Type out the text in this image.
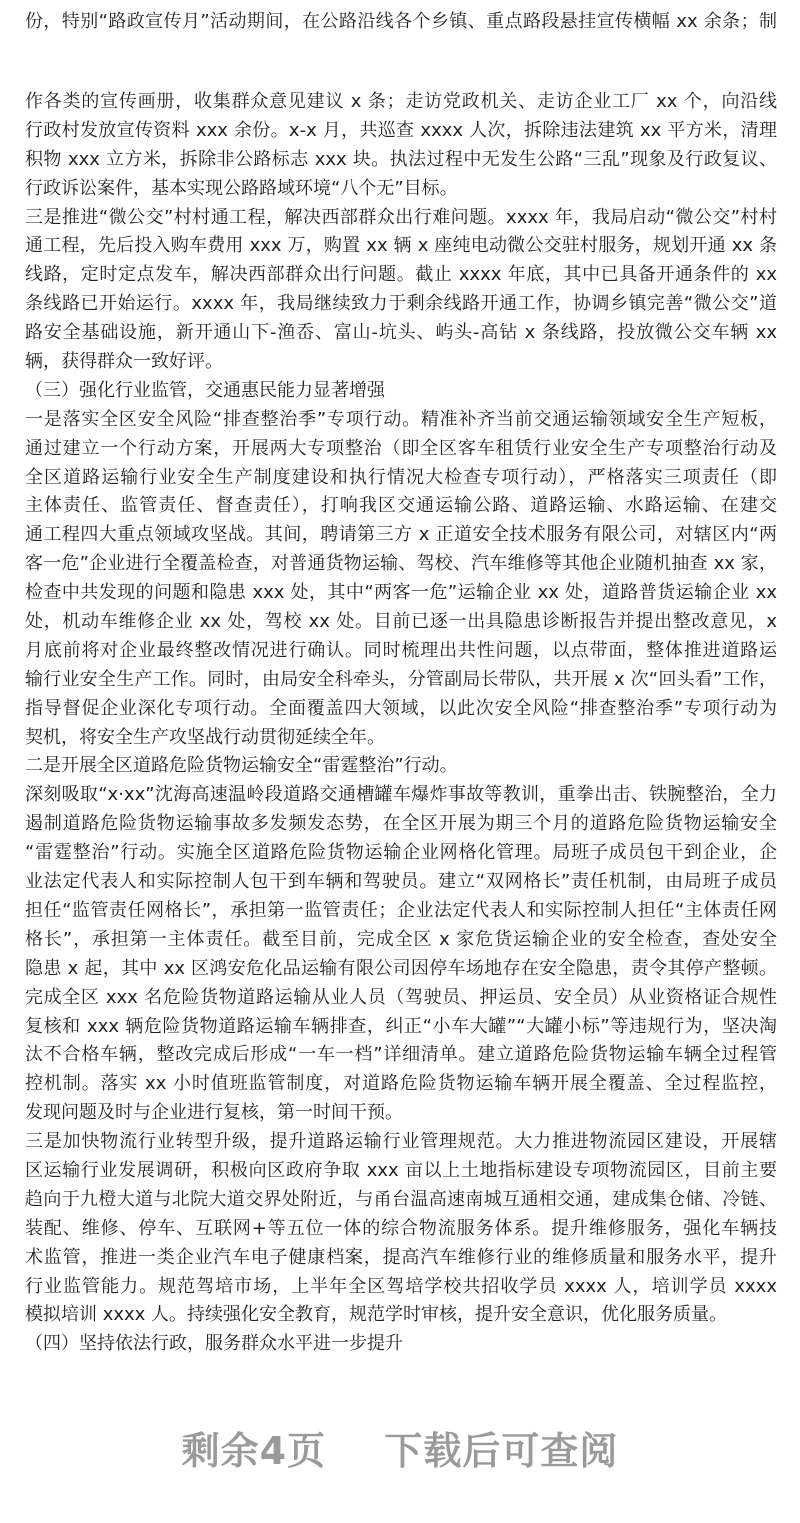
份，特别“路政宣传月”活动期间，在公路沿线各个乡镇、重点路段悬挂宣传横幅 xx 余条；制
作各类的宣传画册，收集群众意见建议 x 条；走访党政机关、走访企业工厂 xx 个，向沿线
行政村发放宣传资料 xxx 余份。x-x 月，共巡查 xxxx 人次，拆除违法建筑 xx 平方米，清理
积物 xxx 立方米，拆除非公路标志 xxx 块。执法过程中无发生公路“三乱”现象及行政复议、
行政诉讼案件，基本实现公路路域环境“八个无”目标。
三是推进“微公交”村村通工程，解决西部群众出行难问题。xxxx 年，我局启动“微公交”村村
通工程，先后投入购车费用 xxx 万，购置 xx 辆 x 座纯电动微公交驻村服务，规划开通 xx 条
线路，定时定点发车，解决西部群众出行问题。截止 xxxx 年底，其中已具备开通条件的 xx
条线路已开始运行。xxxx 年，我局继续致力于剩余线路开通工作，协调乡镇完善“微公交”道
路安全基础设施，新开通山下-渔岙、富山-坑头、屿头-高钻 x 条线路，投放微公交车辆 xx
辆，获得群众一致好评。
（三）强化行业监管，交通惠民能力显著增强
一是落实全区安全风险“排查整治季”专项行动。精准补齐当前交通运输领域安全生产短板，
通过建立一个行动方案，开展两大专项整治（即全区客车租赁行业安全生产专项整治行动及
全区道路运输行业安全生产制度建设和执行情况大检查专项行动），严格落实三项责任（即
主体责任、监管责任、督查责任），打响我区交通运输公路、道路运输、水路运输、在建交
通工程四大重点领域攻坚战。其间，聘请第三方 x 正道安全技术服务有限公司，对辖区内“两
客一危”企业进行全覆盖检查，对普通货物运输、驾校、汽车维修等其他企业随机抽查 xx 家，
检查中共发现的问题和隐患 xxx 处，其中“两客一危”运输企业 xx 处，道路普货运输企业 xx
处，机动车维修企业 xx 处，驾校 xx 处。目前已逐一出具隐患诊断报告并提出整改意见，x
月底前将对企业最终整改情况进行确认。同时梳理出共性问题，以点带面，整体推进道路运
输行业安全生产工作。同时，由局安全科牵头，分管副局长带队，共开展 x 次“回头看”工作，
指导督促企业深化专项行动。全面覆盖四大领域，以此次安全风险“排查整治季”专项行动为
契机，将安全生产攻坚战行动贯彻延续全年。
二是开展全区道路危险货物运输安全“雷霆整治”行动。
深刻吸取“x·xx”沈海高速温岭段道路交通槽罐车爆炸事故等教训，重拳出击、铁腕整治，全力
遏制道路危险货物运输事故多发频发态势，在全区开展为期三个月的道路危险货物运输安全
“雷霆整治”行动。实施全区道路危险货物运输企业网格化管理。局班子成员包干到企业，企
业法定代表人和实际控制人包干到车辆和驾驶员。建立“双网格长”责任机制，由局班子成员
担任“监管责任网格长”，承担第一监管责任；企业法定代表人和实际控制人担任“主体责任网
格长”，承担第一主体责任。截至目前，完成全区 x 家危货运输企业的安全检查，查处安全
隐患 x 起，其中 xx 区鸿安危化品运输有限公司因停车场地存在安全隐患，责令其停产整顿。
完成全区 xxx 名危险货物道路运输从业人员（驾驶员、押运员、安全员）从业资格证合规性
复核和 xxx 辆危险货物道路运输车辆排查，纠正“小车大罐”“大罐小标”等违规行为，坚决淘
汰不合格车辆，整改完成后形成“一车一档”详细清单。建立道路危险货物运输车辆全过程管
控机制。落实 xx 小时值班监管制度，对道路危险货物运输车辆开展全覆盖、全过程监控，
发现问题及时与企业进行复核，第一时间干预。
三是加快物流行业转型升级，提升道路运输行业管理规范。大力推进物流园区建设，开展辖
区运输行业发展调研，积极向区政府争取 xxx 亩以上土地指标建设专项物流园区，目前主要
趋向于九橙大道与北院大道交界处附近，与甬台温高速南城互通相交通，建成集仓储、冷链、
装配、维修、停车、互联网+等五位一体的综合物流服务体系。提升维修服务，强化车辆技
术监管，推进一类企业汽车电子健康档案，提高汽车维修行业的维修质量和服务水平，提升
行业监管能力。规范驾培市场，上半年全区驾培学校共招收学员 xxxx 人，培训学员 xxxx
模拟培训 xxxx 人。持续强化安全教育，规范学时审核，提升安全意识，优化服务质量。
（四）坚持依法行政，服务群众水平进一步提升
剩余4页 下载后可查阅
